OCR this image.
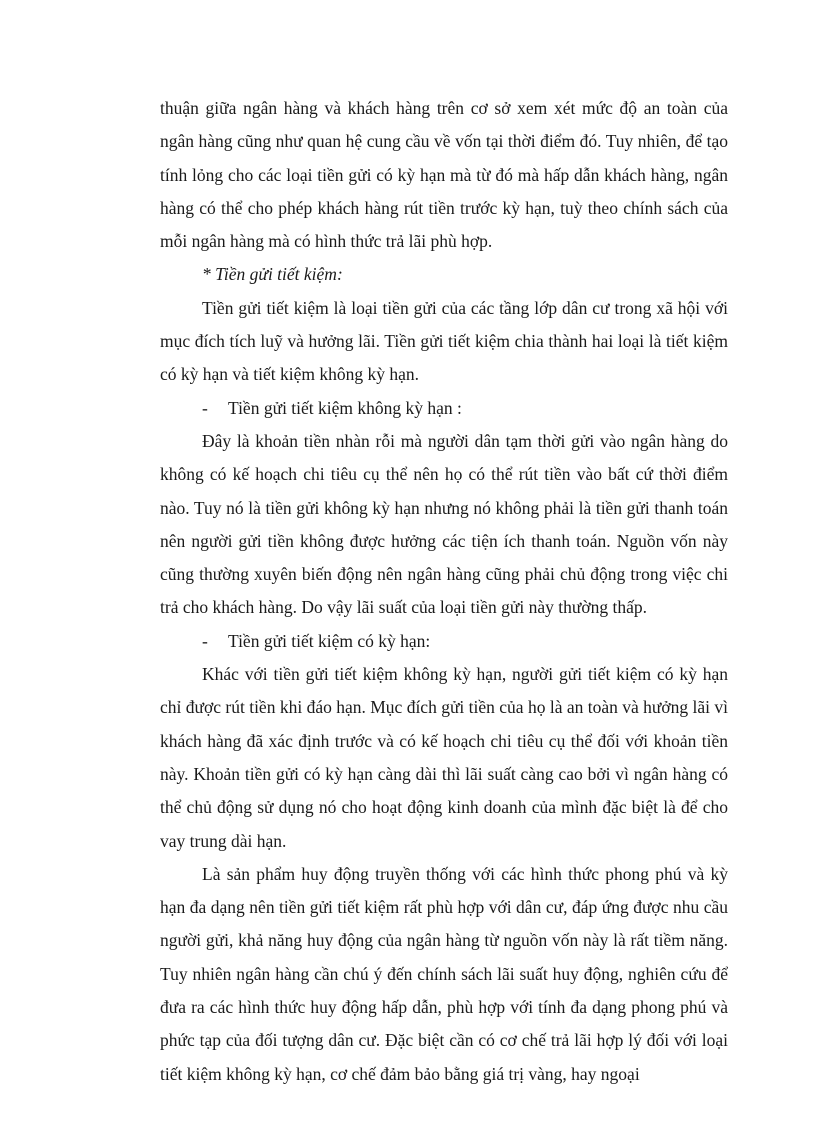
thuận giữa ngân hàng và khách hàng trên cơ sở xem xét mức độ an toàn của ngân hàng cũng như quan hệ cung cầu về vốn tại thời điểm đó. Tuy nhiên, để tạo tính lỏng cho các loại tiền gửi có kỳ hạn mà từ đó mà hấp dẫn khách hàng, ngân hàng có thể cho phép khách hàng rút tiền trước kỳ hạn, tuỳ theo chính sách của mỗi ngân hàng mà có hình thức trả lãi phù hợp.

* Tiền gửi tiết kiệm:

Tiền gửi tiết kiệm là loại tiền gửi của các tầng lớp dân cư trong xã hội với mục đích tích luỹ và hưởng lãi. Tiền gửi tiết kiệm chia thành hai loại là tiết kiệm có kỳ hạn và tiết kiệm không kỳ hạn.

- Tiền gửi tiết kiệm không kỳ hạn :

Đây là khoản tiền nhàn rỗi mà người dân tạm thời gửi vào ngân hàng do không có kế hoạch chi tiêu cụ thể nên họ có thể rút tiền vào bất cứ thời điểm nào. Tuy nó là tiền gửi không kỳ hạn nhưng nó không phải là tiền gửi thanh toán nên người gửi tiền không được hưởng các tiện ích thanh toán. Nguồn vốn này cũng thường xuyên biến động nên ngân hàng cũng phải chủ động trong việc chi trả cho khách hàng. Do vậy lãi suất của loại tiền gửi này thường thấp.

- Tiền gửi tiết kiệm có kỳ hạn:

Khác với tiền gửi tiết kiệm không kỳ hạn, người gửi tiết kiệm có kỳ hạn chỉ được rút tiền khi đáo hạn. Mục đích gửi tiền của họ là an toàn và hưởng lãi vì khách hàng đã xác định trước và có kế hoạch chi tiêu cụ thể đối với khoản tiền này. Khoản tiền gửi có kỳ hạn càng dài thì lãi suất càng cao bởi vì ngân hàng có thể chủ động sử dụng nó cho hoạt động kinh doanh của mình đặc biệt là để cho vay trung dài hạn.

Là sản phẩm huy động truyền thống với các hình thức phong phú và kỳ hạn đa dạng nên tiền gửi tiết kiệm rất phù hợp với dân cư, đáp ứng được nhu cầu người gửi, khả năng huy động của ngân hàng từ nguồn vốn này là rất tiềm năng. Tuy nhiên ngân hàng cần chú ý đến chính sách lãi suất huy động, nghiên cứu để đưa ra các hình thức huy động hấp dẫn, phù hợp với tính đa dạng phong phú và phức tạp của đối tượng dân cư. Đặc biệt cần có cơ chế trả lãi hợp lý đối với loại tiết kiệm không kỳ hạn, cơ chế đảm bảo bằng giá trị vàng, hay ngoại
